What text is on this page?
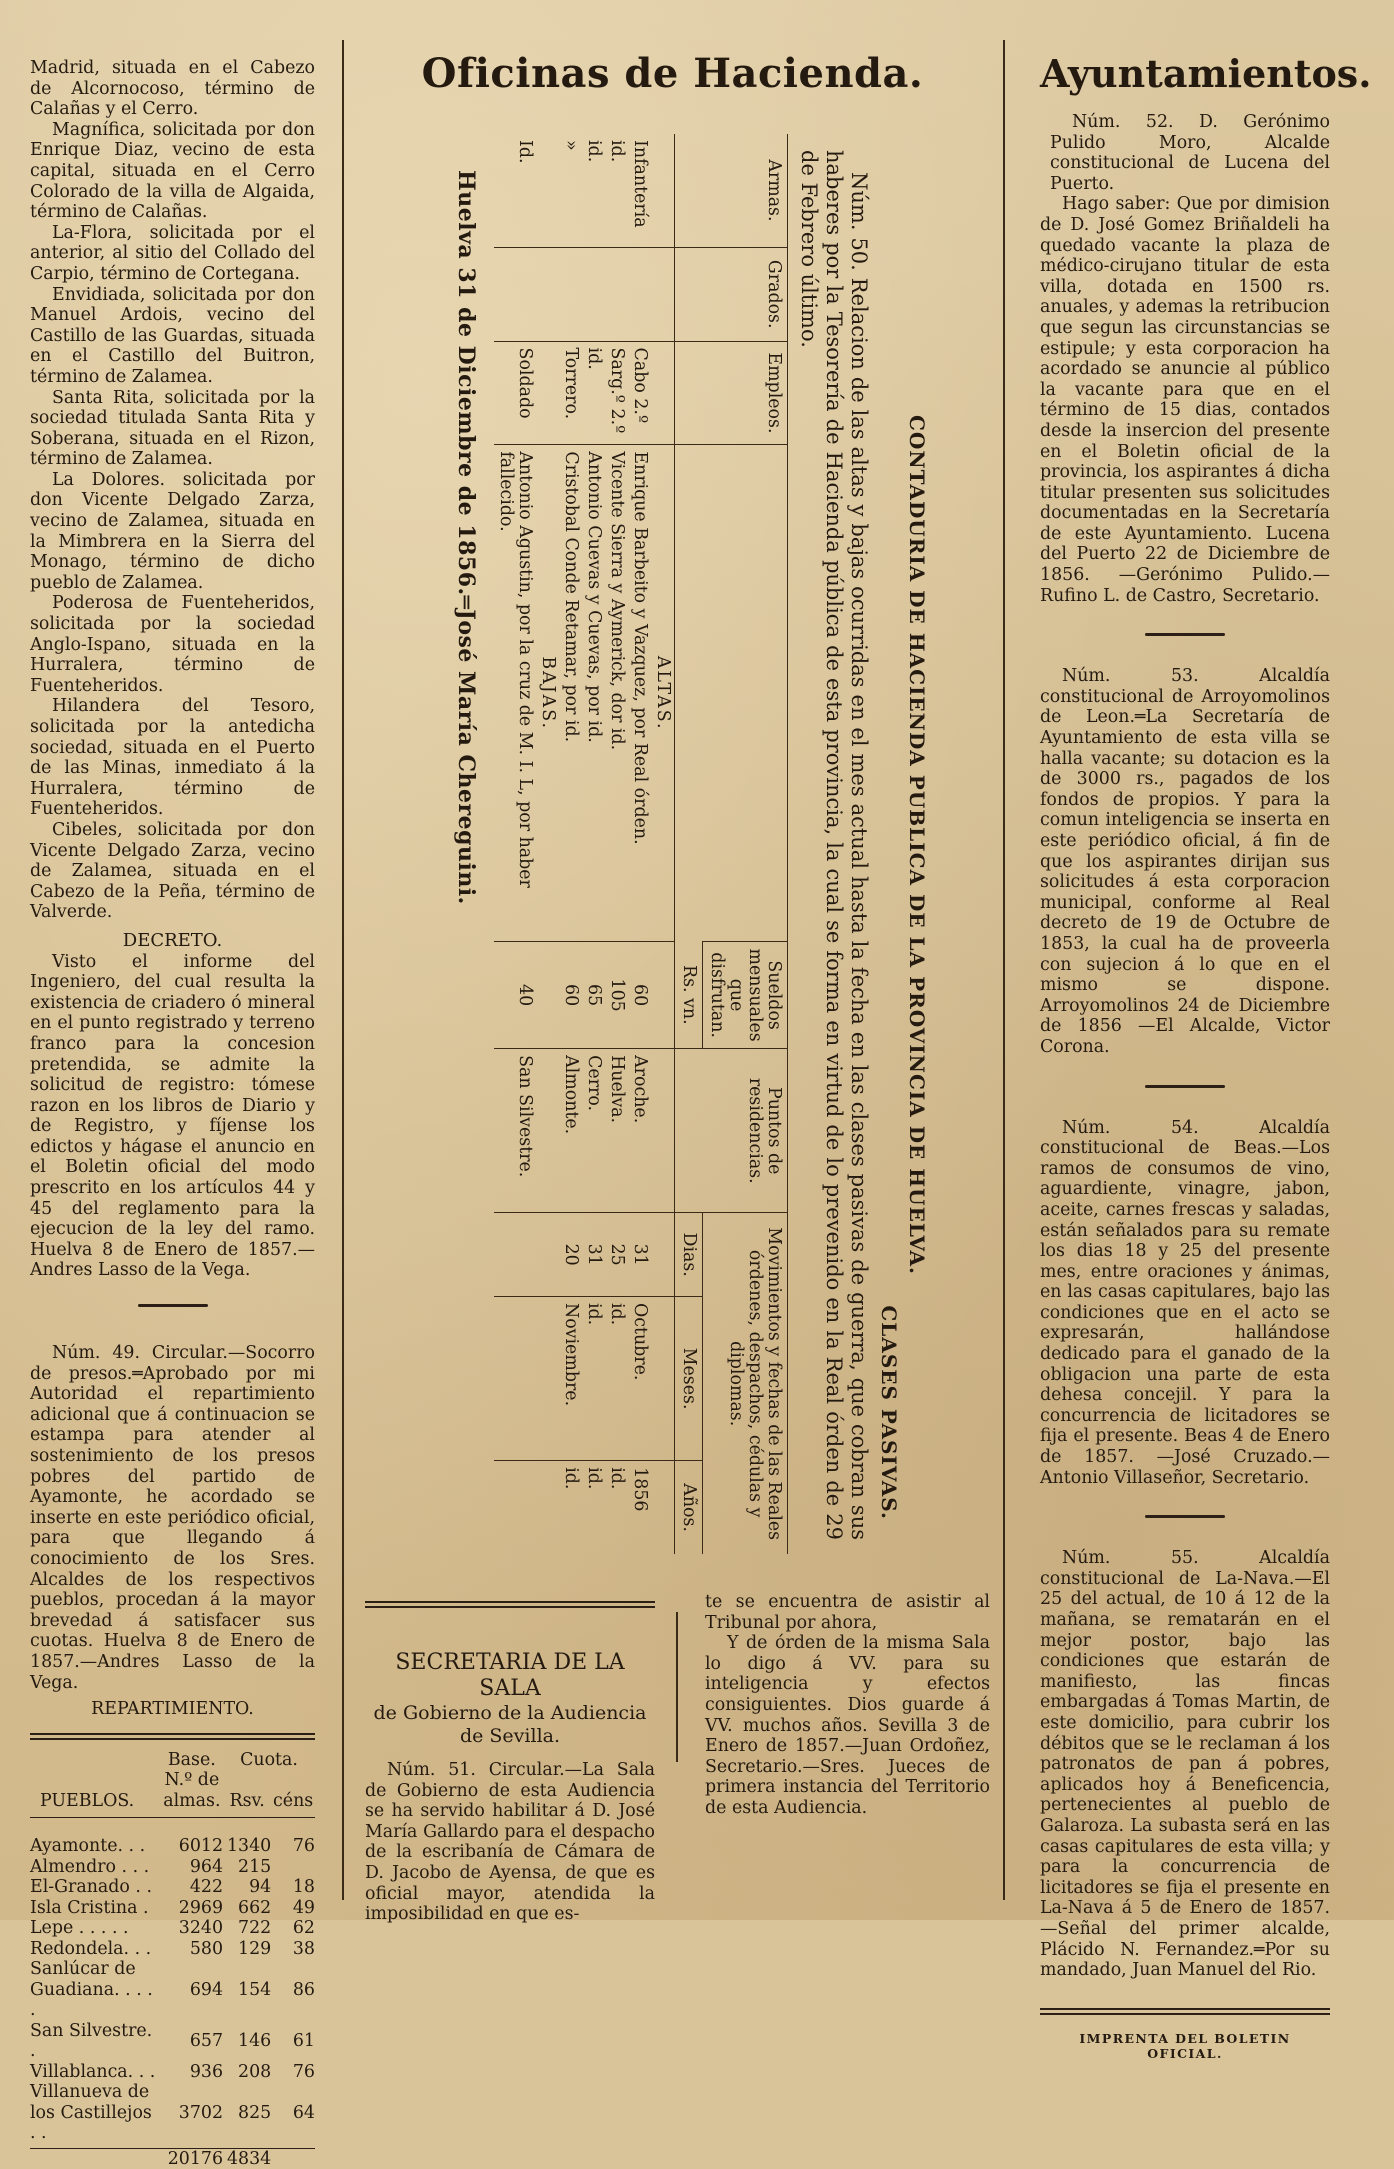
Madrid, situada en el Cabezo de Alcornocoso, término de Calañas y el Cerro.

Magnífica, solicitada por don Enrique Diaz, vecino de esta capital, situada en el Cerro Colorado de la villa de Algaida, término de Calañas.

La-Flora, solicitada por el anterior, al sitio del Collado del Carpio, término de Cortegana.

Envidiada, solicitada por don Manuel Ardois, vecino del Castillo de las Guardas, situada en el Castillo del Buitron, término de Zalamea.

Santa Rita, solicitada por la sociedad titulada Santa Rita y Soberana, situada en el Rizon, término de Zalamea.

La Dolores. solicitada por don Vicente Delgado Zarza, vecino de Zalamea, situada en la Mimbrera en la Sierra del Monago, término de dicho pueblo de Zalamea.

Poderosa de Fuenteheridos, solicitada por la sociedad Anglo-Ispano, situada en la Hurralera, término de Fuenteheridos.

Hilandera del Tesoro, solicitada por la antedicha sociedad, situada en el Puerto de las Minas, inmediato á la Hurralera, término de Fuenteheridos.

Cibeles, solicitada por don Vicente Delgado Zarza, vecino de Zalamea, situada en el Cabezo de la Peña, término de Valverde.

DECRETO.

Visto el informe del Ingeniero, del cual resulta la existencia de criadero ó mineral en el punto registrado y terreno franco para la concesion pretendida, se admite la solicitud de registro: tómese razon en los libros de Diario y de Registro, y fíjense los edictos y hágase el anuncio en el Boletin oficial del modo prescrito en los artículos 44 y 45 del reglamento para la ejecucion de la ley del ramo. Huelva 8 de Enero de 1857.—Andres Lasso de la Vega.

Núm. 49. Circular.—Socorro de presos.═Aprobado por mi Autoridad el repartimiento adicional que á continuacion se estampa para atender al sostenimiento de los presos pobres del partido de Ayamonte, he acordado se inserte en este periódico oficial, para que llegando á conocimiento de los Sres. Alcaldes de los respectivos pueblos, procedan á la mayor brevedad á satisfacer sus cuotas. Huelva 8 de Enero de 1857.—Andres Lasso de la Vega.

REPARTIMIENTO.

PUEBLOS.	Base.	Cuota.	
	N.º de		
	almas.	Rsv.	céns

Ayamonte. . .	6012	1340	76
Almendro . . .	964	215	
El-Granado . .	422	94	18
Isla Cristina .	2969	662	49
Lepe . . . . .	3240	722	62
Redondela. . .	580	129	38
Sanlúcar de Guadiana. . . . .	694	154	86
San Silvestre. .	657	146	61
Villablanca. . .	936	208	76
Villanueva de los Castillejos . .	3702	825	64

	20176	4834	

Oficinas de Hacienda.

CONTADURIA DE HACIENDA PUBLICA DE LA PROVINCIA DE HUELVA.

CLASES PASIVAS.

Núm. 50. Relacion de las altas y bajas ocurridas en el mes actual hasta la fecha en las clases pasivas de guerra, que cobran sus haberes por la Tesorería de Hacienda pública de esta provincia, la cual se forma en virtud de lo prevenido en la Real órden de 29 de Febrero último.

Armas.	Grados.	Empleos.		Sueldos mensuales que disfrutan.	Puntos de residencias.	Movimientos y fechas de las Reales órdenes, despachos, cédulas y diplomas.		
				Rs. vn.		Dias.	Meses.	Años.
			ALTAS.					
Infantería		Cabo 2.º	Enrique Barbeito y Vazquez, por Real órden.	60	Aroche.	31	Octubre.	1856
id.		Sarg.º 2.º	Vicente Sierra y Aymerick, dor id.	105	Huelva.	25	id.	id.
id.		id.	Antonio Cuevas y Cuevas, por id.	65	Cerro.	31	id.	id.
»		Torrero.	Cristobal Conde Retamar, por id.	60	Almonte.	20	Noviembre.	id.
			BAJAS.					
Id.		Soldado	Antonio Agustin, por la cruz de M. I. L, por haber fallecido.	40	San Silvestre.			

Huelva 31 de Diciembre de 1856.═José María Chereguini.

SECRETARIA DE LA SALA

de Gobierno de la Audiencia de Sevilla.

Núm. 51. Circular.—La Sala de Gobierno de esta Audiencia se ha servido habilitar á D. José María Gallardo para el despacho de la escribanía de Cámara de D. Jacobo de Ayensa, de que es oficial mayor, atendida la imposibilidad en que es-

te se encuentra de asistir al Tribunal por ahora,

Y de órden de la misma Sala lo digo á VV. para su inteligencia y efectos consiguientes. Dios guarde á VV. muchos años. Sevilla 3 de Enero de 1857.—Juan Ordoñez, Secretario.—Sres. Jueces de primera instancia del Territorio de esta Audiencia.

Ayuntamientos.

Núm. 52. D. Gerónimo Pulido Moro, Alcalde constitucional de Lucena del Puerto.

Hago saber: Que por dimision de D. José Gomez Briñaldeli ha quedado vacante la plaza de médico-cirujano titular de esta villa, dotada en 1500 rs. anuales, y ademas la retribucion que segun las circunstancias se estipule; y esta corporacion ha acordado se anuncie al público la vacante para que en el término de 15 dias, contados desde la insercion del presente en el Boletin oficial de la provincia, los aspirantes á dicha titular presenten sus solicitudes documentadas en la Secretaría de este Ayuntamiento. Lucena del Puerto 22 de Diciembre de 1856. —Gerónimo Pulido.—Rufino L. de Castro, Secretario.

Núm. 53. Alcaldía constitucional de Arroyomolinos de Leon.═La Secretaría de Ayuntamiento de esta villa se halla vacante; su dotacion es la de 3000 rs., pagados de los fondos de propios. Y para la comun inteligencia se inserta en este periódico oficial, á fin de que los aspirantes dirijan sus solicitudes á esta corporacion municipal, conforme al Real decreto de 19 de Octubre de 1853, la cual ha de proveerla con sujecion á lo que en el mismo se dispone. Arroyomolinos 24 de Diciembre de 1856 —El Alcalde, Victor Corona.

Núm. 54. Alcaldía constitucional de Beas.—Los ramos de consumos de vino, aguardiente, vinagre, jabon, aceite, carnes frescas y saladas, están señalados para su remate los dias 18 y 25 del presente mes, entre oraciones y ánimas, en las casas capitulares, bajo las condiciones que en el acto se expresarán, hallándose dedicado para el ganado de la obligacion una parte de esta dehesa concejil. Y para la concurrencia de licitadores se fija el presente. Beas 4 de Enero de 1857. —José Cruzado.—Antonio Villaseñor, Secretario.

Núm. 55. Alcaldía constitucional de La-Nava.—El 25 del actual, de 10 á 12 de la mañana, se rematarán en el mejor postor, bajo las condiciones que estarán de manifiesto, las fincas embargadas á Tomas Martin, de este domicilio, para cubrir los débitos que se le reclaman á los patronatos de pan á pobres, aplicados hoy á Beneficencia, pertenecientes al pueblo de Galaroza. La subasta será en las casas capitulares de esta villa; y para la concurrencia de licitadores se fija el presente en La-Nava á 5 de Enero de 1857.—Señal del primer alcalde, Plácido N. Fernandez.═Por su mandado, Juan Manuel del Rio.

IMPRENTA DEL BOLETIN OFICIAL.
